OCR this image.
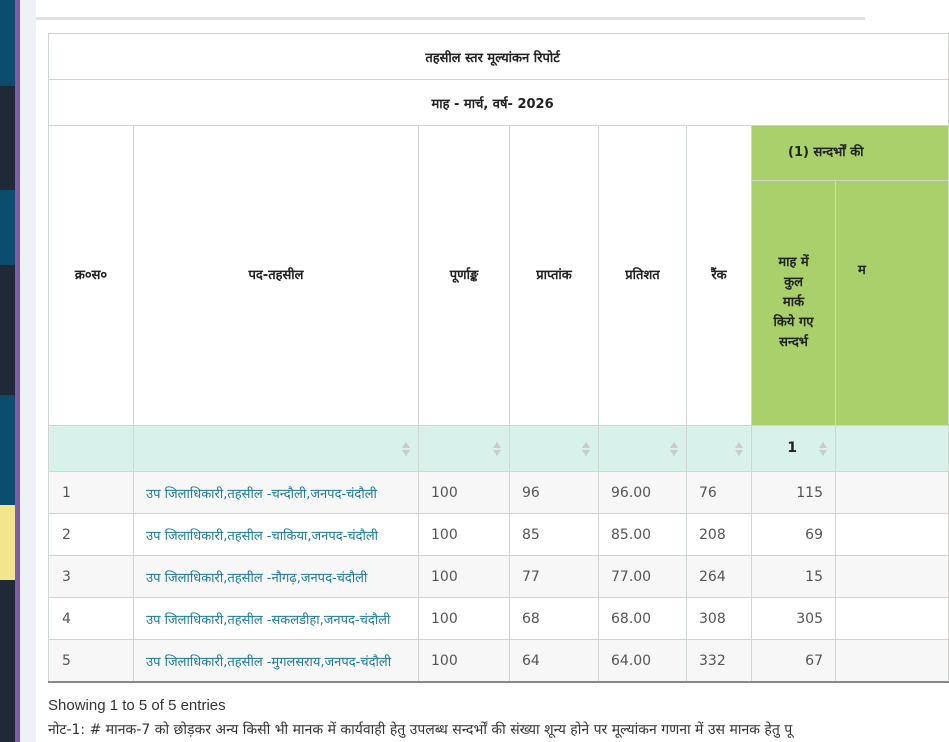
तहसील स्तर मूल्यांकन रिपोर्ट							
माह - मार्च, वर्ष- 2026							
क्र०स०	पद-तहसील	पूर्णाङ्क	प्राप्तांक	प्रतिशत	रैंक	(1) सन्दर्भों की	
						माह में कुल मार्क किये गए सन्दर्भ	म
						1	
1	उप जिलाधिकारी,तहसील -चन्दौली,जनपद-चंदौली	100	96	96.00	76	115	
2	उप जिलाधिकारी,तहसील -चाकिया,जनपद-चंदौली	100	85	85.00	208	69	
3	उप जिलाधिकारी,तहसील -नौगढ़,जनपद-चंदौली	100	77	77.00	264	15	
4	उप जिलाधिकारी,तहसील -सकलडीहा,जनपद-चंदौली	100	68	68.00	308	305	
5	उप जिलाधिकारी,तहसील -मुगलसराय,जनपद-चंदौली	100	64	64.00	332	67	
Showing 1 to 5 of 5 entries
नोट-1: # मानक-7 को छोड़कर अन्य किसी भी मानक में कार्यवाही हेतु उपलब्ध सन्दर्भों की संख्या शून्य होने पर मूल्यांकन गणना में उस मानक हेतु पू
